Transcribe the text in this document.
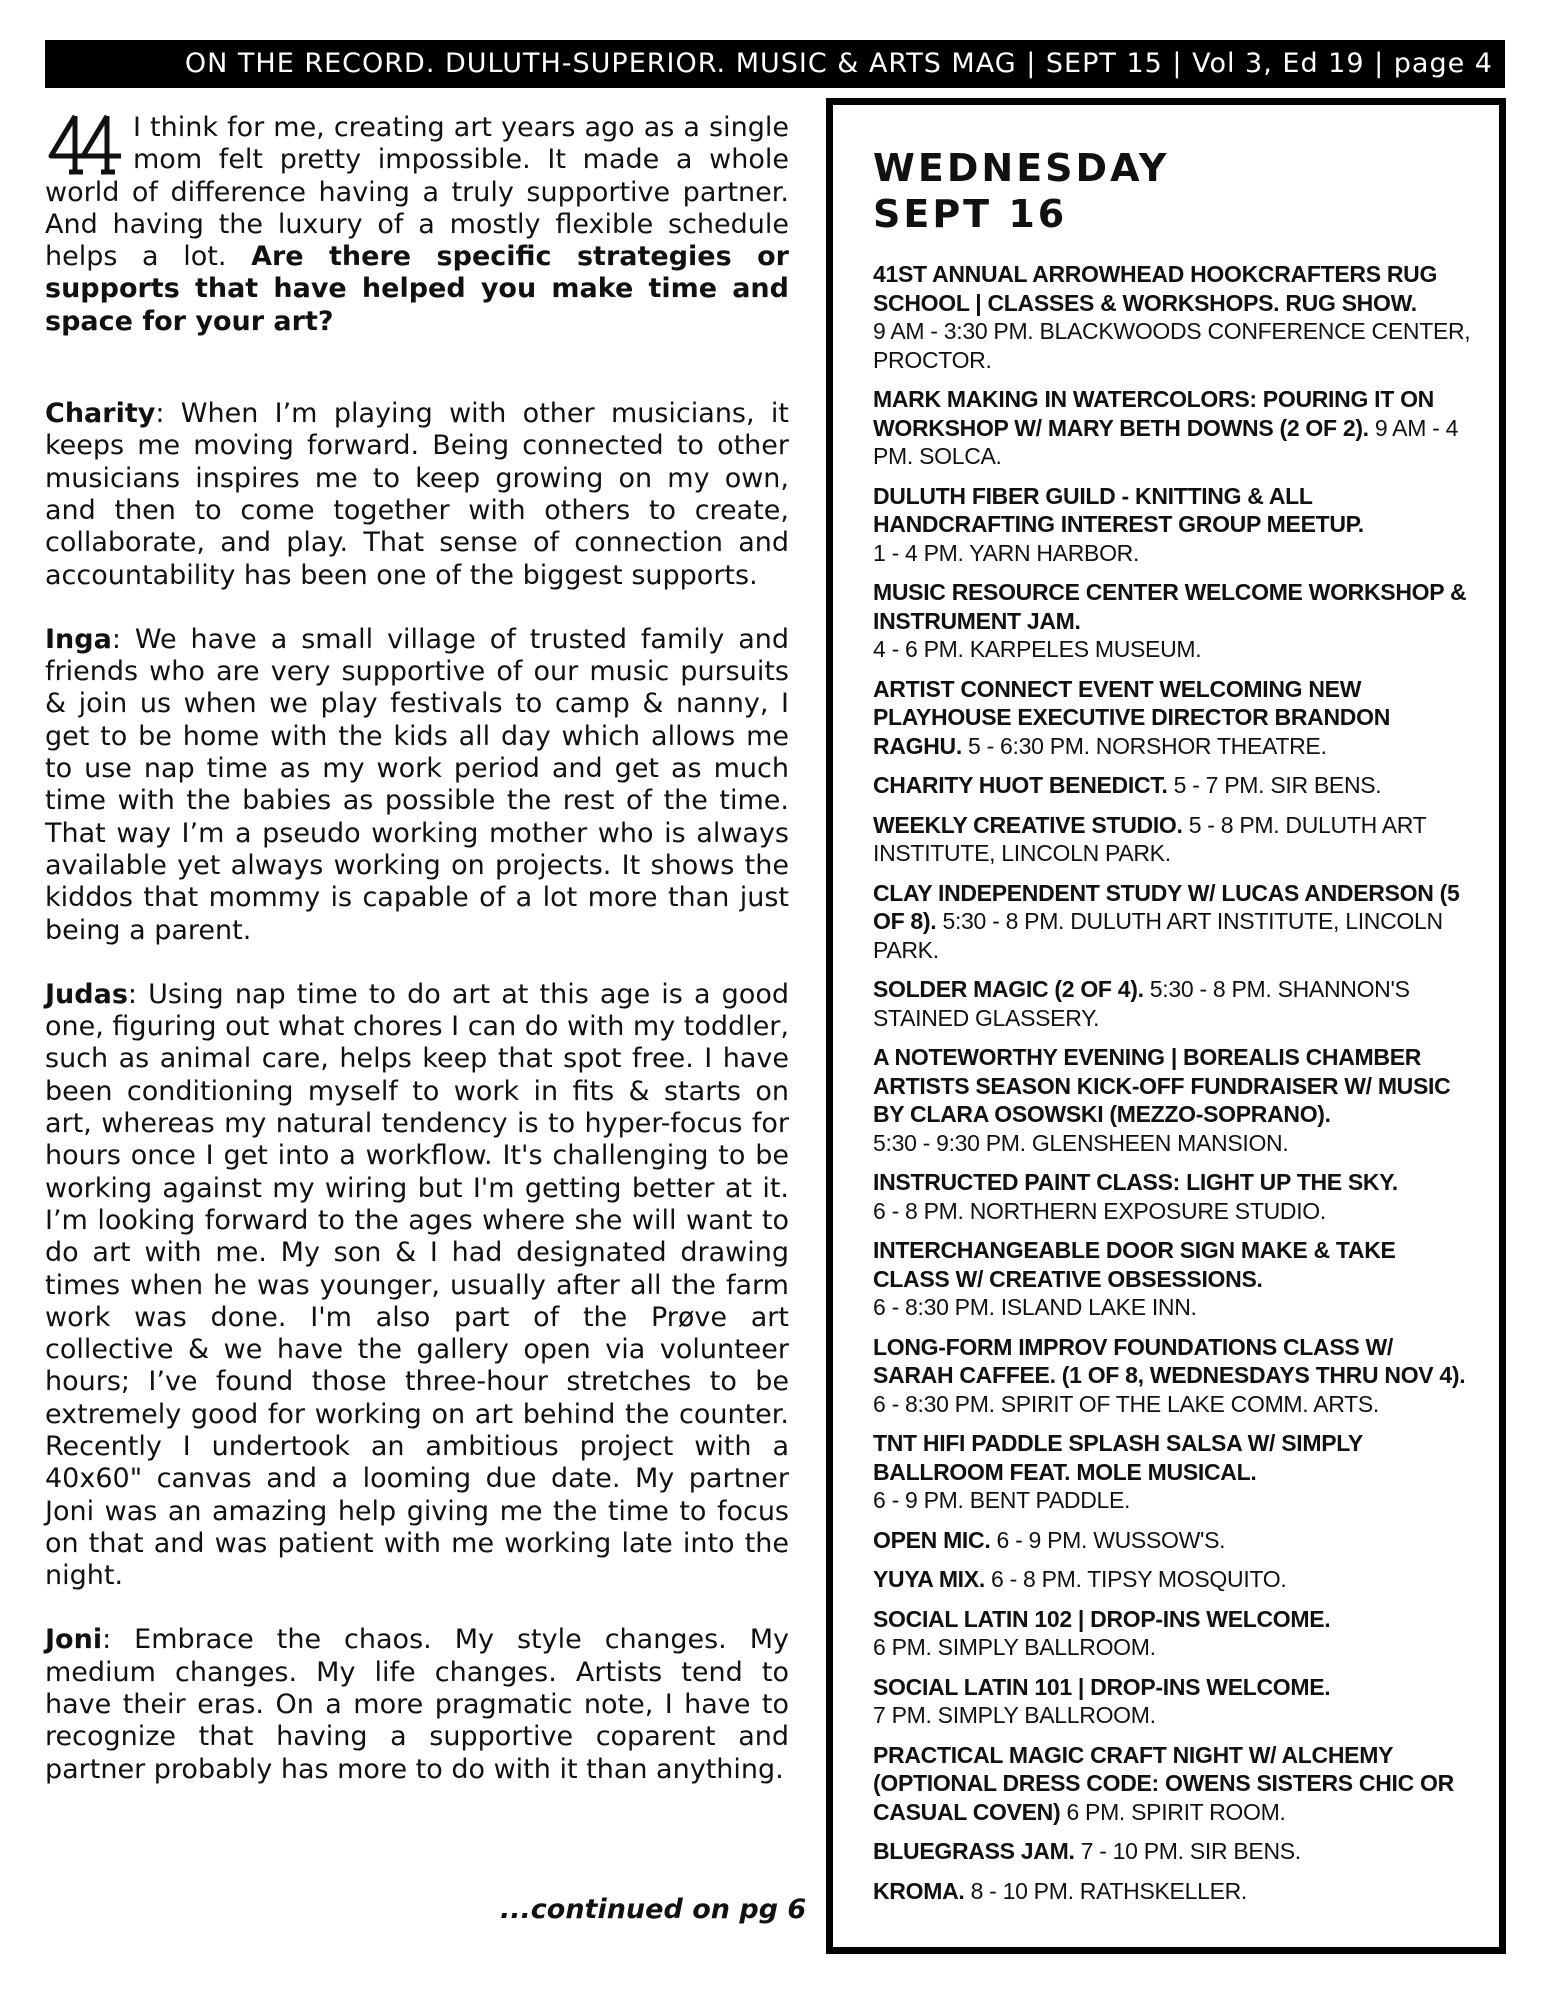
ON THE RECORD. DULUTH-SUPERIOR. MUSIC & ARTS MAG | SEPT 15 | Vol 3, Ed 19 | page 4

I think for me, creating art years ago as a single mom felt pretty impossible. It made a whole world of difference having a truly supportive partner. And having the luxury of a mostly flexible schedule helps a lot. Are there specific strategies or supports that have helped you make time and space for your art?

Charity: When I’m playing with other musicians, it keeps me moving forward. Being connected to other musicians inspires me to keep growing on my own, and then to come together with others to create, collaborate, and play. That sense of connection and accountability has been one of the biggest supports.

Inga: We have a small village of trusted family and friends who are very supportive of our music pursuits & join us when we play festivals to camp & nanny, I get to be home with the kids all day which allows me to use nap time as my work period and get as much time with the babies as possible the rest of the time. That way I’m a pseudo working mother who is always available yet always working on projects. It shows the kiddos that mommy is capable of a lot more than just being a parent.

Judas: Using nap time to do art at this age is a good one, figuring out what chores I can do with my toddler, such as animal care, helps keep that spot free. I have been conditioning myself to work in fits & starts on art, whereas my natural tendency is to hyper-focus for hours once I get into a workflow. It's challenging to be working against my wiring but I'm getting better at it. I’m looking forward to the ages where she will want to do art with me. My son & I had designated drawing times when he was younger, usually after all the farm work was done. I'm also part of the Prøve art collective & we have the gallery open via volunteer hours; I’ve found those three-hour stretches to be extremely good for working on art behind the counter. Recently I undertook an ambitious project with a 40x60" canvas and a looming due date. My partner Joni was an amazing help giving me the time to focus on that and was patient with me working late into the night.

Joni: Embrace the chaos. My style changes. My medium changes. My life changes. Artists tend to have their eras. On a more pragmatic note, I have to recognize that having a supportive coparent and partner probably has more to do with it than anything.

...continued on pg 6
WEDNESDAY
SEPT 16
41ST ANNUAL ARROWHEAD HOOKCRAFTERS RUG SCHOOL | CLASSES & WORKSHOPS. RUG SHOW.
9 AM - 3:30 PM. BLACKWOODS CONFERENCE CENTER, PROCTOR.
MARK MAKING IN WATERCOLORS: POURING IT ON WORKSHOP W/ MARY BETH DOWNS (2 OF 2). 9 AM - 4 PM. SOLCA.
DULUTH FIBER GUILD - KNITTING & ALL HANDCRAFTING INTEREST GROUP MEETUP.
1 - 4 PM. YARN HARBOR.
MUSIC RESOURCE CENTER WELCOME WORKSHOP & INSTRUMENT JAM.
4 - 6 PM. KARPELES MUSEUM.
ARTIST CONNECT EVENT WELCOMING NEW PLAYHOUSE EXECUTIVE DIRECTOR BRANDON RAGHU. 5 - 6:30 PM. NORSHOR THEATRE.
CHARITY HUOT BENEDICT. 5 - 7 PM. SIR BENS.
WEEKLY CREATIVE STUDIO. 5 - 8 PM. DULUTH ART INSTITUTE, LINCOLN PARK.
CLAY INDEPENDENT STUDY W/ LUCAS ANDERSON (5 OF 8). 5:30 - 8 PM. DULUTH ART INSTITUTE, LINCOLN PARK.
SOLDER MAGIC (2 OF 4). 5:30 - 8 PM. SHANNON'S STAINED GLASSERY.
A NOTEWORTHY EVENING | BOREALIS CHAMBER ARTISTS SEASON KICK-OFF FUNDRAISER W/ MUSIC BY CLARA OSOWSKI (MEZZO-SOPRANO).
5:30 - 9:30 PM. GLENSHEEN MANSION.
INSTRUCTED PAINT CLASS: LIGHT UP THE SKY.
6 - 8 PM. NORTHERN EXPOSURE STUDIO.
INTERCHANGEABLE DOOR SIGN MAKE & TAKE CLASS W/ CREATIVE OBSESSIONS.
6 - 8:30 PM. ISLAND LAKE INN.
LONG-FORM IMPROV FOUNDATIONS CLASS W/ SARAH CAFFEE. (1 OF 8, WEDNESDAYS THRU NOV 4). 6 - 8:30 PM. SPIRIT OF THE LAKE COMM. ARTS.
TNT HIFI PADDLE SPLASH SALSA W/ SIMPLY BALLROOM FEAT. MOLE MUSICAL.
6 - 9 PM. BENT PADDLE.
OPEN MIC. 6 - 9 PM. WUSSOW'S.
YUYA MIX. 6 - 8 PM. TIPSY MOSQUITO.
SOCIAL LATIN 102 | DROP-INS WELCOME.
6 PM. SIMPLY BALLROOM.
SOCIAL LATIN 101 | DROP-INS WELCOME.
7 PM. SIMPLY BALLROOM.
PRACTICAL MAGIC CRAFT NIGHT W/ ALCHEMY (OPTIONAL DRESS CODE: OWENS SISTERS CHIC OR CASUAL COVEN) 6 PM. SPIRIT ROOM.
BLUEGRASS JAM. 7 - 10 PM. SIR BENS.
KROMA. 8 - 10 PM. RATHSKELLER.
